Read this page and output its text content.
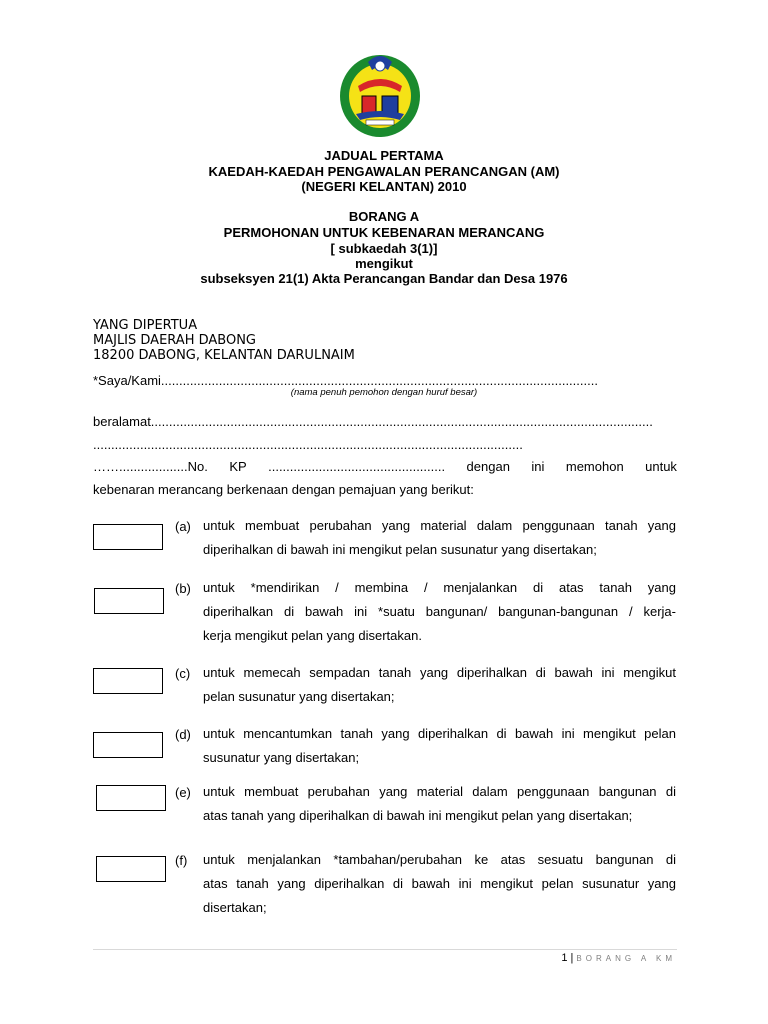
JADUAL PERTAMA
KAEDAH-KAEDAH PENGAWALAN PERANCANGAN (AM)
(NEGERI KELANTAN) 2010
BORANG A
PERMOHONAN UNTUK KEBENARAN MERANCANG
[ subkaedah 3(1)]
mengikut
subseksyen 21(1) Akta Perancangan Bandar dan Desa 1976
YANG DIPERTUA
MAJLIS DAERAH DABONG
18200 DABONG, KELANTAN DARULNAIM
*Saya/Kami.........................................................................................................................
(nama penuh pemohon dengan huruf besar)
beralamat...........................................................................................................................................
.......................................................................................................................
……...................No. KP ................................................. dengan ini memohon untuk
kebenaran merancang berkenaan dengan pemajuan yang berikut:
(a) untuk membuat perubahan yang material dalam penggunaan tanah yang
diperihalkan di bawah ini mengikut pelan susunatur yang disertakan;
(b) untuk *mendirikan / membina / menjalankan di atas tanah yang
diperihalkan di bawah ini *suatu bangunan/ bangunan-bangunan / kerja-
kerja mengikut pelan yang disertakan.
(c) untuk memecah sempadan tanah yang diperihalkan di bawah ini mengikut
pelan susunatur yang disertakan;
(d) untuk mencantumkan tanah yang diperihalkan di bawah ini mengikut pelan
susunatur yang disertakan;
(e) untuk membuat perubahan yang material dalam penggunaan bangunan di
atas tanah yang diperihalkan di bawah ini mengikut pelan yang disertakan;
(f) untuk menjalankan *tambahan/perubahan ke atas sesuatu bangunan di
atas tanah yang diperihalkan di bawah ini mengikut pelan susunatur yang
disertakan;
1 | BORANG A KM
